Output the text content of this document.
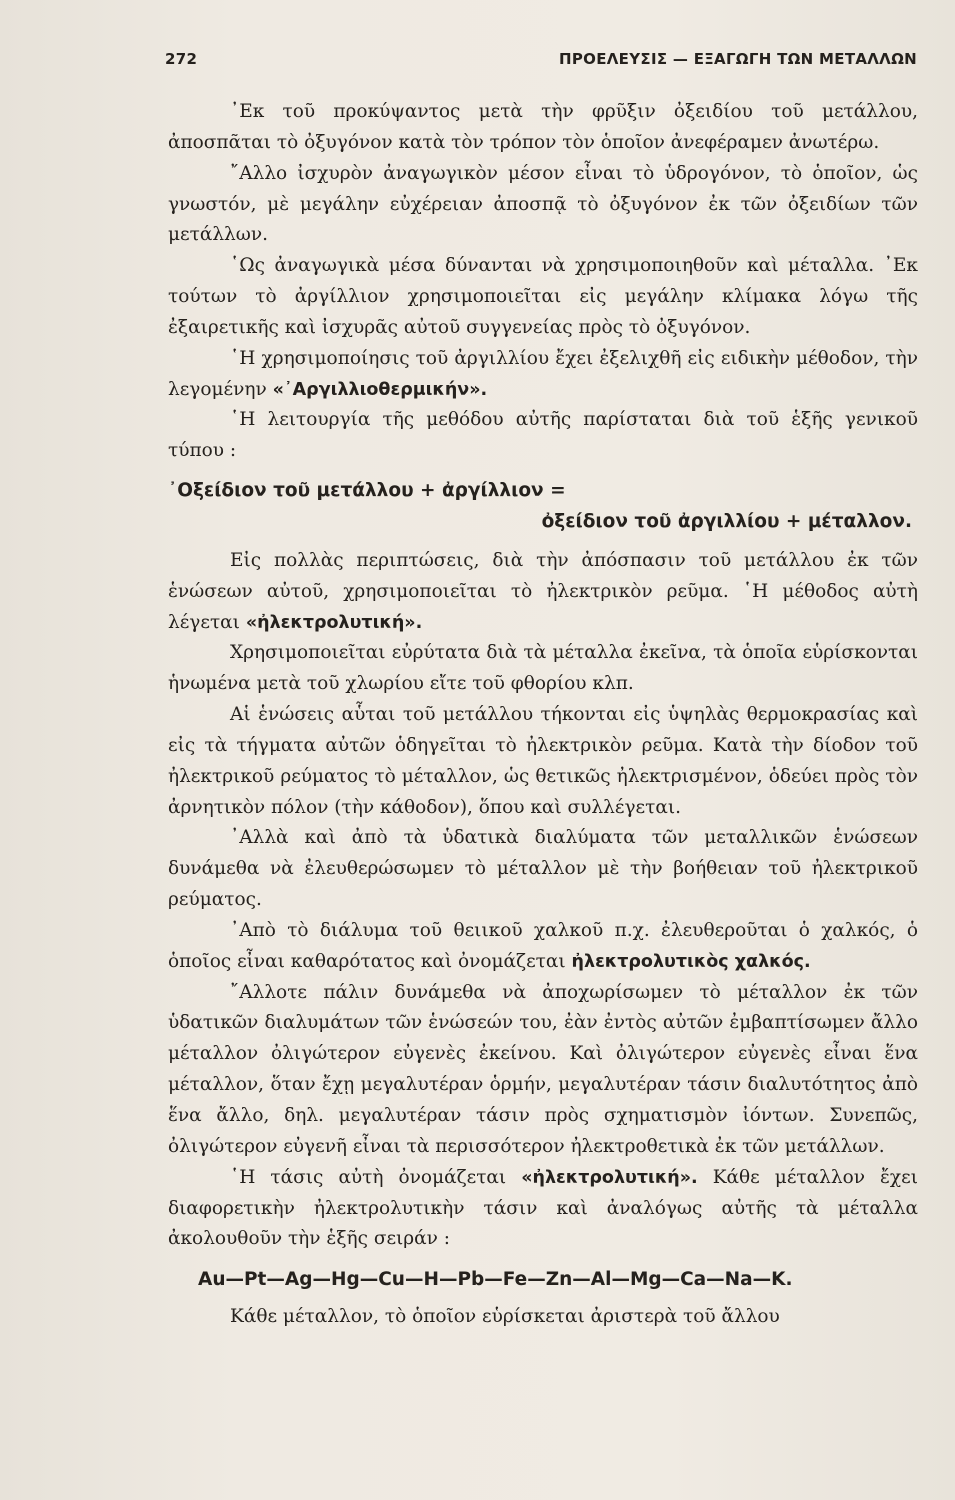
272	ΠΡΟΕΛΕΥΣΙΣ — ΕΞΑΓΩΓΗ ΤΩΝ ΜΕΤΑΛΛΩΝ

᾿Εκ τοῦ προκύψαντος μετὰ τὴν φρῦξιν ὀξειδίου τοῦ μετάλλου, ἀποσπᾶται τὸ ὀξυγόνον κατὰ τὸν τρόπον τὸν ὁποῖον ἀνεφέραμεν ἀνωτέρω.

῎Αλλο ἰσχυρὸν ἀναγωγικὸν μέσον εἶναι τὸ ὑδρογόνον, τὸ ὁποῖον, ὡς γνωστόν, μὲ μεγάλην εὐχέρειαν ἀποσπᾷ τὸ ὀξυγόνον ἐκ τῶν ὀξειδίων τῶν μετάλλων.

῾Ως ἀναγωγικὰ μέσα δύνανται νὰ χρησιμοποιηθοῦν καὶ μέταλλα. ᾿Εκ τούτων τὸ ἀργίλλιον χρησιμοποιεῖται εἰς μεγάλην κλίμακα λόγω τῆς ἐξαιρετικῆς καὶ ἰσχυρᾶς αὐτοῦ συγγενείας πρὸς τὸ ὀξυγόνον.

῾Η χρησιμοποίησις τοῦ ἀργιλλίου ἔχει ἐξελιχθῆ εἰς ειδικὴν μέθοδον, τὴν λεγομένην «᾿Αργιλλιοθερμικήν».

῾Η λειτουργία τῆς μεθόδου αὐτῆς παρίσταται διὰ τοῦ ἑξῆς γενικοῦ τύπου :

᾿Οξείδιον τοῦ μετάλλου + ἀργίλλιον =

ὀξείδιον τοῦ ἀργιλλίου + μέταλλον.

Εἰς πολλὰς περιπτώσεις, διὰ τὴν ἀπόσπασιν τοῦ μετάλλου ἐκ τῶν ἑνώσεων αὐτοῦ, χρησιμοποιεῖται τὸ ἠλεκτρικὸν ρεῦμα. ῾Η μέθοδος αὐτὴ λέγεται «ἠλεκτρολυτική».

Χρησιμοποιεῖται εὐρύτατα διὰ τὰ μέταλλα ἐκεῖνα, τὰ ὁποῖα εὑρίσκονται ἡνωμένα μετὰ τοῦ χλωρίου εἴτε τοῦ φθορίου κλπ.

Αἱ ἑνώσεις αὗται τοῦ μετάλλου τήκονται εἰς ὑψηλὰς θερμοκρασίας καὶ εἰς τὰ τήγματα αὐτῶν ὁδηγεῖται τὸ ἠλεκτρικὸν ρεῦμα. Κατὰ τὴν δίοδον τοῦ ἠλεκτρικοῦ ρεύματος τὸ μέταλλον, ὡς θετικῶς ἠλεκτρισμένον, ὁδεύει πρὸς τὸν ἀρνητικὸν πόλον (τὴν κάθοδον), ὅπου καὶ συλλέγεται.

᾿Αλλὰ καὶ ἀπὸ τὰ ὑδατικὰ διαλύματα τῶν μεταλλικῶν ἑνώσεων δυνάμεθα νὰ ἐλευθερώσωμεν τὸ μέταλλον μὲ τὴν βοήθειαν τοῦ ἠλεκτρικοῦ ρεύματος.

᾿Απὸ τὸ διάλυμα τοῦ θειικοῦ χαλκοῦ π.χ. ἐλευθεροῦται ὁ χαλκός, ὁ ὁποῖος εἶναι καθαρότατος καὶ ὀνομάζεται ἠλεκτρολυτικὸς χαλκός.

῎Αλλοτε πάλιν δυνάμεθα νὰ ἀποχωρίσωμεν τὸ μέταλλον ἐκ τῶν ὑδατικῶν διαλυμάτων τῶν ἑνώσεών του, ἐὰν ἐντὸς αὐτῶν ἐμβαπτίσωμεν ἄλλο μέταλλον ὀλιγώτερον εὐγενὲς ἐκείνου. Καὶ ὀλιγώτερον εὐγενὲς εἶναι ἕνα μέταλλον, ὅταν ἔχῃ μεγαλυτέραν ὁρμήν, μεγαλυτέραν τάσιν διαλυτότητος ἀπὸ ἕνα ἄλλο, δηλ. μεγαλυτέραν τάσιν πρὸς σχηματισμὸν ἰόντων. Συνεπῶς, ὀλιγώτερον εὐγενῆ εἶναι τὰ περισσότερον ἠλεκτροθετικὰ ἐκ τῶν μετάλλων.

῾Η τάσις αὐτὴ ὀνομάζεται «ἠλεκτρολυτική». Κάθε μέταλλον ἔχει διαφορετικὴν ἠλεκτρολυτικὴν τάσιν καὶ ἀναλόγως αὐτῆς τὰ μέταλλα ἀκολουθοῦν τὴν ἑξῆς σειράν :

Au—Pt—Ag—Hg—Cu—H—Pb—Fe—Zn—Al—Mg—Ca—Na—K.

Κάθε μέταλλον, τὸ ὁποῖον εὑρίσκεται ἀριστερὰ τοῦ ἄλλου
